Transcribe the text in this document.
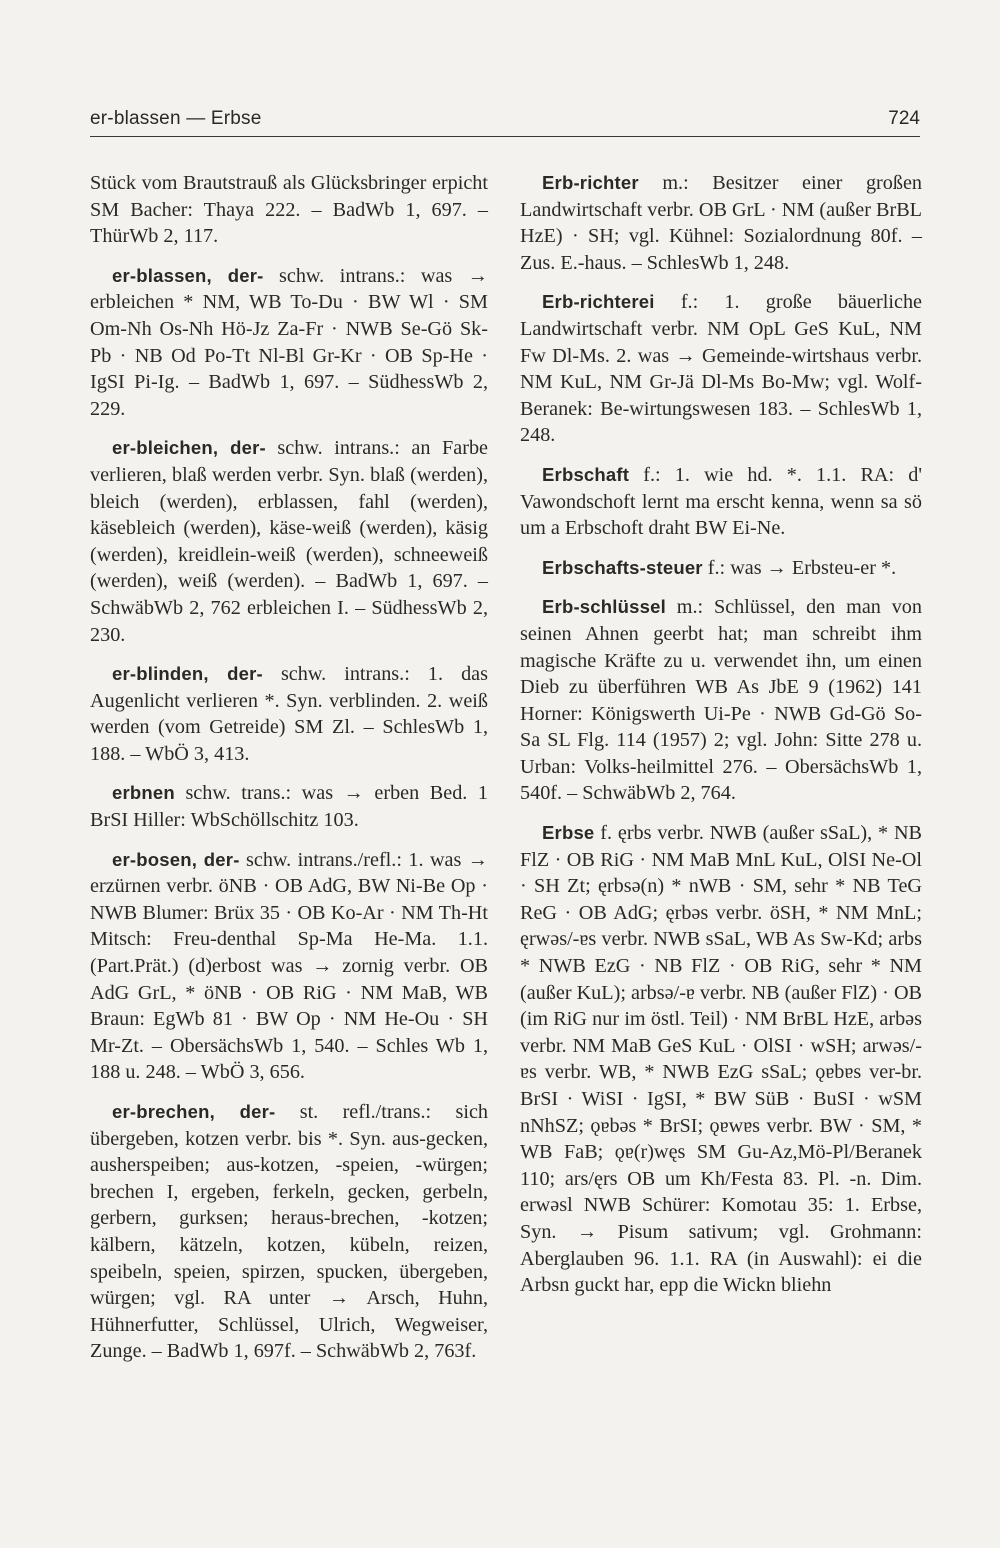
er-blassen — Erbse	724

Stück vom Brautstrauß als Glücksbringer erpicht SM Bacher: Thaya 222. – BadWb 1, 697. – ThürWb 2, 117.

er-blassen, der- schw. intrans.: was → erbleichen * NM, WB To-Du · BW Wl · SM Om-Nh Os-Nh Hö-Jz Za-Fr · NWB Se-Gö Sk-Pb · NB Od Po-Tt Nl-Bl Gr-Kr · OB Sp-He · IgSI Pi-Ig. – BadWb 1, 697. – SüdhessWb 2, 229.

er-bleichen, der- schw. intrans.: an Farbe verlieren, blaß werden verbr. Syn. blaß (werden), bleich (werden), erblassen, fahl (werden), käsebleich (werden), käse-weiß (werden), käsig (werden), kreidlein-weiß (werden), schneeweiß (werden), weiß (werden). – BadWb 1, 697. – SchwäbWb 2, 762 erbleichen I. – SüdhessWb 2, 230.

er-blinden, der- schw. intrans.: 1. das Augenlicht verlieren *. Syn. verblinden. 2. weiß werden (vom Getreide) SM Zl. – SchlesWb 1, 188. – WbÖ 3, 413.

erbnen schw. trans.: was → erben Bed. 1 BrSI Hiller: WbSchöllschitz 103.

er-bosen, der- schw. intrans./refl.: 1. was → erzürnen verbr. öNB · OB AdG, BW Ni-Be Op · NWB Blumer: Brüx 35 · OB Ko-Ar · NM Th-Ht Mitsch: Freu-denthal Sp-Ma He-Ma. 1.1. (Part.Prät.) (d)erbost was → zornig verbr. OB AdG GrL, * öNB · OB RiG · NM MaB, WB Braun: EgWb 81 · BW Op · NM He-Ou · SH Mr-Zt. – ObersächsWb 1, 540. – Schles Wb 1, 188 u. 248. – WbÖ 3, 656.

er-brechen, der- st. refl./trans.: sich übergeben, kotzen verbr. bis *. Syn. aus-gecken, ausherspeiben; aus-kotzen, -speien, -würgen; brechen I, ergeben, ferkeln, gecken, gerbeln, gerbern, gurksen; heraus-brechen, -kotzen; kälbern, kätzeln, kotzen, kübeln, reizen, speibeln, speien, spirzen, spucken, übergeben, würgen; vgl. RA unter → Arsch, Huhn, Hühnerfutter, Schlüssel, Ulrich, Wegweiser, Zunge. – BadWb 1, 697f. – SchwäbWb 2, 763f.

Erb-richter m.: Besitzer einer großen Landwirtschaft verbr. OB GrL · NM (außer BrBL HzE) · SH; vgl. Kühnel: Sozialordnung 80f. – Zus. E.-haus. – SchlesWb 1, 248.

Erb-richterei f.: 1. große bäuerliche Landwirtschaft verbr. NM OpL GeS KuL, NM Fw Dl-Ms. 2. was → Gemeinde-wirtshaus verbr. NM KuL, NM Gr-Jä Dl-Ms Bo-Mw; vgl. Wolf-Beranek: Be-wirtungswesen 183. – SchlesWb 1, 248.

Erbschaft f.: 1. wie hd. *. 1.1. RA: d' Vawondschoft lernt ma erscht kenna, wenn sa sö um a Erbschoft draht BW Ei-Ne.

Erbschafts-steuer f.: was → Erbsteu-er *.

Erb-schlüssel m.: Schlüssel, den man von seinen Ahnen geerbt hat; man schreibt ihm magische Kräfte zu u. verwendet ihn, um einen Dieb zu überführen WB As JbE 9 (1962) 141 Horner: Königswerth Ui-Pe · NWB Gd-Gö So-Sa SL Flg. 114 (1957) 2; vgl. John: Sitte 278 u. Urban: Volks-heilmittel 276. – ObersächsWb 1, 540f. – SchwäbWb 2, 764.

Erbse f. ęrbs verbr. NWB (außer sSaL), * NB FlZ · OB RiG · NM MaB MnL KuL, OlSI Ne-Ol · SH Zt; ęrbsə(n) * nWB · SM, sehr * NB TeG ReG · OB AdG; ęrbəs verbr. öSH, * NM MnL; ęrwəs/-ɐs verbr. NWB sSaL, WB As Sw-Kd; arbs * NWB EzG · NB FlZ · OB RiG, sehr * NM (außer KuL); arbsə/-ɐ verbr. NB (außer FlZ) · OB (im RiG nur im östl. Teil) · NM BrBL HzE, arbəs verbr. NM MaB GeS KuL · OlSI · wSH; arwəs/-ɐs verbr. WB, * NWB EzG sSaL; ǫɐbɐs ver-br. BrSI · WiSI · IgSI, * BW SüB · BuSI · wSM nNhSZ; ǫɐbəs * BrSI; ǫɐwɐs verbr. BW · SM, * WB FaB; ǫɐ(r)węs SM Gu-Az,Mö-Pl/Beranek 110; ars/ęrs OB um Kh/Festa 83. Pl. -n. Dim. erwəsl NWB Schürer: Komotau 35: 1. Erbse, Syn. → Pisum sativum; vgl. Grohmann: Aberglauben 96. 1.1. RA (in Auswahl): ei die Arbsn guckt har, epp die Wickn bliehn
